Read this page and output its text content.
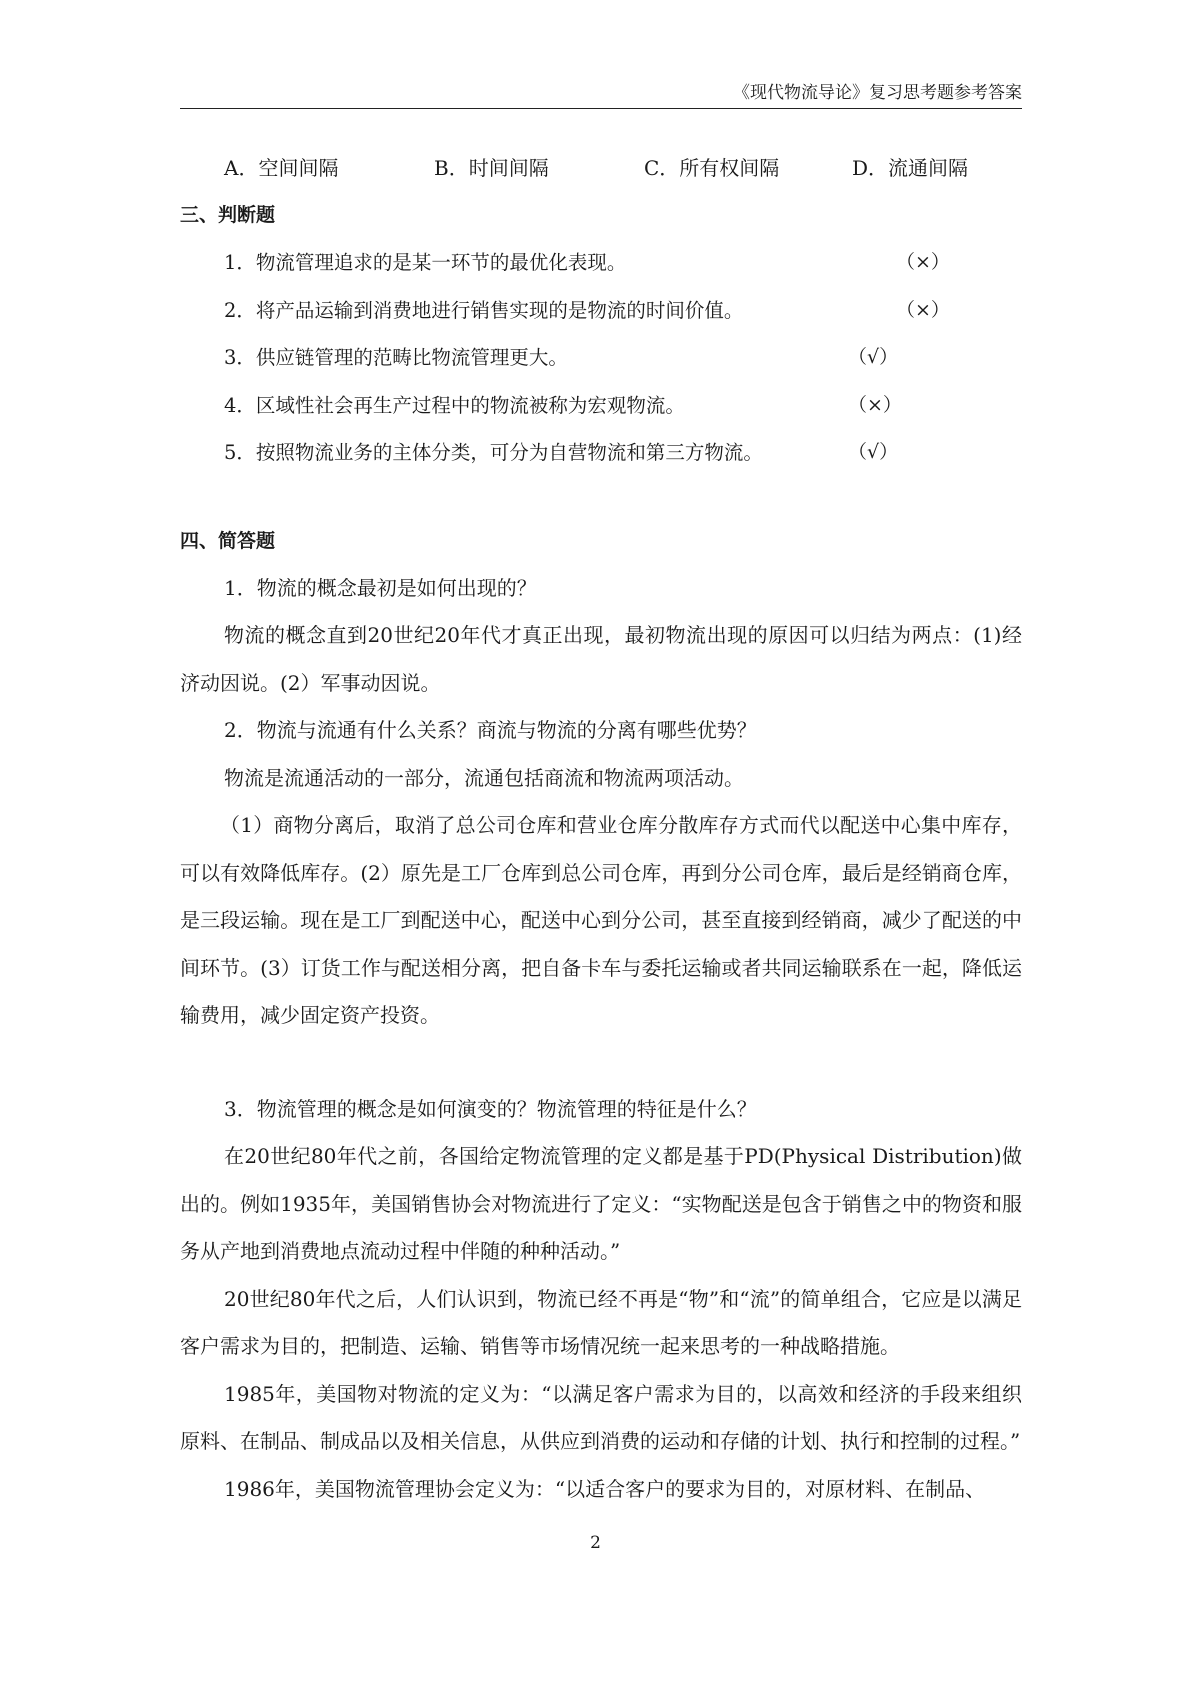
《现代物流导论》复习思考题参考答案
A．空间间隔	B．时间间隔	C．所有权间隔	D．流通间隔
三、判断题
1．物流管理追求的是某一环节的最优化表现。	（×）
2．将产品运输到消费地进行销售实现的是物流的时间价值。	（×）
3．供应链管理的范畴比物流管理更大。	（√）
4．区域性社会再生产过程中的物流被称为宏观物流。	（×）
5．按照物流业务的主体分类，可分为自营物流和第三方物流。	（√）
四、简答题
1．物流的概念最初是如何出现的？
物流的概念直到20世纪20年代才真正出现，最初物流出现的原因可以归结为两点：(1)经济动因说。(2）军事动因说。
2．物流与流通有什么关系？商流与物流的分离有哪些优势？
物流是流通活动的一部分，流通包括商流和物流两项活动。
（1）商物分离后，取消了总公司仓库和营业仓库分散库存方式而代以配送中心集中库存，可以有效降低库存。(2）原先是工厂仓库到总公司仓库，再到分公司仓库，最后是经销商仓库，是三段运输。现在是工厂到配送中心，配送中心到分公司，甚至直接到经销商，减少了配送的中间环节。(3）订货工作与配送相分离，把自备卡车与委托运输或者共同运输联系在一起，降低运输费用，减少固定资产投资。
3．物流管理的概念是如何演变的？物流管理的特征是什么？
在20世纪80年代之前，各国给定物流管理的定义都是基于PD(Physical Distribution)做出的。例如1935年，美国销售协会对物流进行了定义：“实物配送是包含于销售之中的物资和服务从产地到消费地点流动过程中伴随的种种活动。”
20世纪80年代之后，人们认识到，物流已经不再是“物”和“流”的简单组合，它应是以满足客户需求为目的，把制造、运输、销售等市场情况统一起来思考的一种战略措施。
1985年，美国物对物流的定义为：“以满足客户需求为目的，以高效和经济的手段来组织原料、在制品、制成品以及相关信息，从供应到消费的运动和存储的计划、执行和控制的过程。”
1986年，美国物流管理协会定义为：“以适合客户的要求为目的，对原材料、在制品、
2
